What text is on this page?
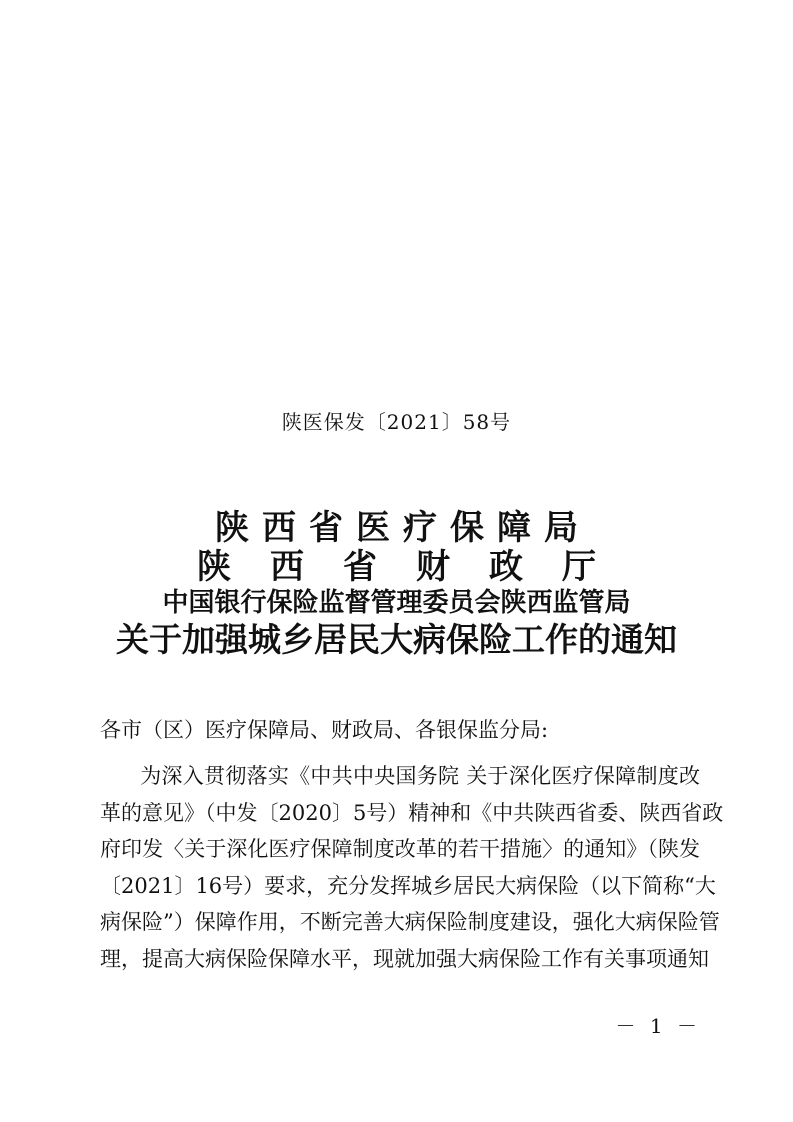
陕医保发〔2021〕58号
陕西省医疗保障局
陕西省财政厅
中国银行保险监督管理委员会陕西监管局
关于加强城乡居民大病保险工作的通知
各市（区）医疗保障局、财政局、各银保监分局:
为深入贯彻落实《中共中央国务院 关于深化医疗保障制度改
革的意见》（中发〔2020〕5号）精神和《中共陕西省委、陕西省政
府印发〈关于深化医疗保障制度改革的若干措施〉的通知》（陕发
〔2021〕16号）要求，充分发挥城乡居民大病保险（以下简称“大
病保险”）保障作用，不断完善大病保险制度建设，强化大病保险管
理，提高大病保险保障水平，现就加强大病保险工作有关事项通知
－ 1 －
